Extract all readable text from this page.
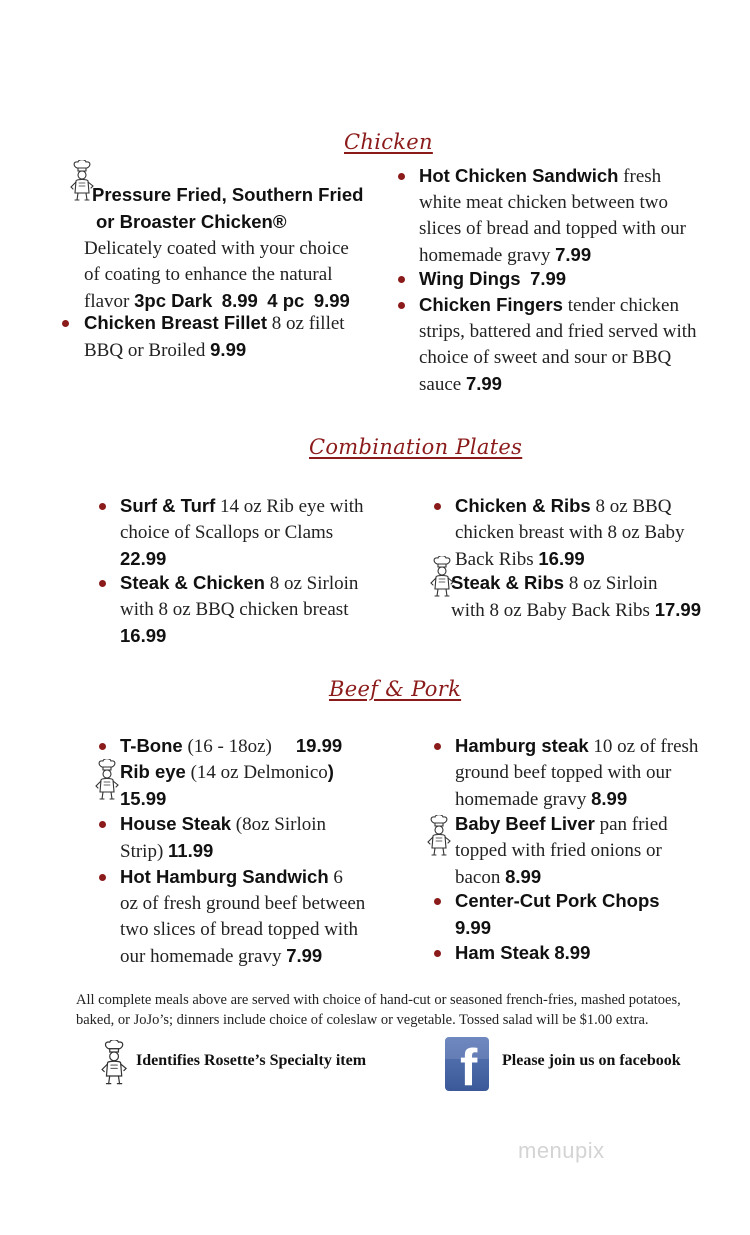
Chicken
Pressure Fried, Southern Fried
or Broaster Chicken®
Delicately coated with your choice
of coating to enhance the natural
flavor 3pc Dark 8.99 4 pc 9.99
Chicken Breast Fillet 8 oz fillet
BBQ or Broiled 9.99
Hot Chicken Sandwich fresh
white meat chicken between two
slices of bread and topped with our
homemade gravy 7.99
Wing Dings 7.99
Chicken Fingers tender chicken
strips, battered and fried served with
choice of sweet and sour or BBQ
sauce 7.99
Combination Plates
Surf & Turf 14 oz Rib eye with
choice of Scallops or Clams
22.99
Steak & Chicken 8 oz Sirloin
with 8 oz BBQ chicken breast
16.99
Chicken & Ribs 8 oz BBQ
chicken breast with 8 oz Baby
Back Ribs 16.99
Steak & Ribs 8 oz Sirloin
with 8 oz Baby Back Ribs 17.99
Beef & Pork
T-Bone (16 - 18oz) 19.99
Rib eye (14 oz Delmonico)
15.99
House Steak (8oz Sirloin
Strip) 11.99
Hot Hamburg Sandwich 6
oz of fresh ground beef between
two slices of bread topped with
our homemade gravy 7.99
Hamburg steak 10 oz of fresh
ground beef topped with our
homemade gravy 8.99
Baby Beef Liver pan fried
topped with fried onions or
bacon 8.99
Center-Cut Pork Chops
9.99
Ham Steak 8.99
All complete meals above are served with choice of hand-cut or seasoned french-fries, mashed potatoes,
baked, or JoJo’s; dinners include choice of coleslaw or vegetable. Tossed salad will be $1.00 extra.
Identifies Rosette’s Specialty item f Please join us on facebook
menupix
